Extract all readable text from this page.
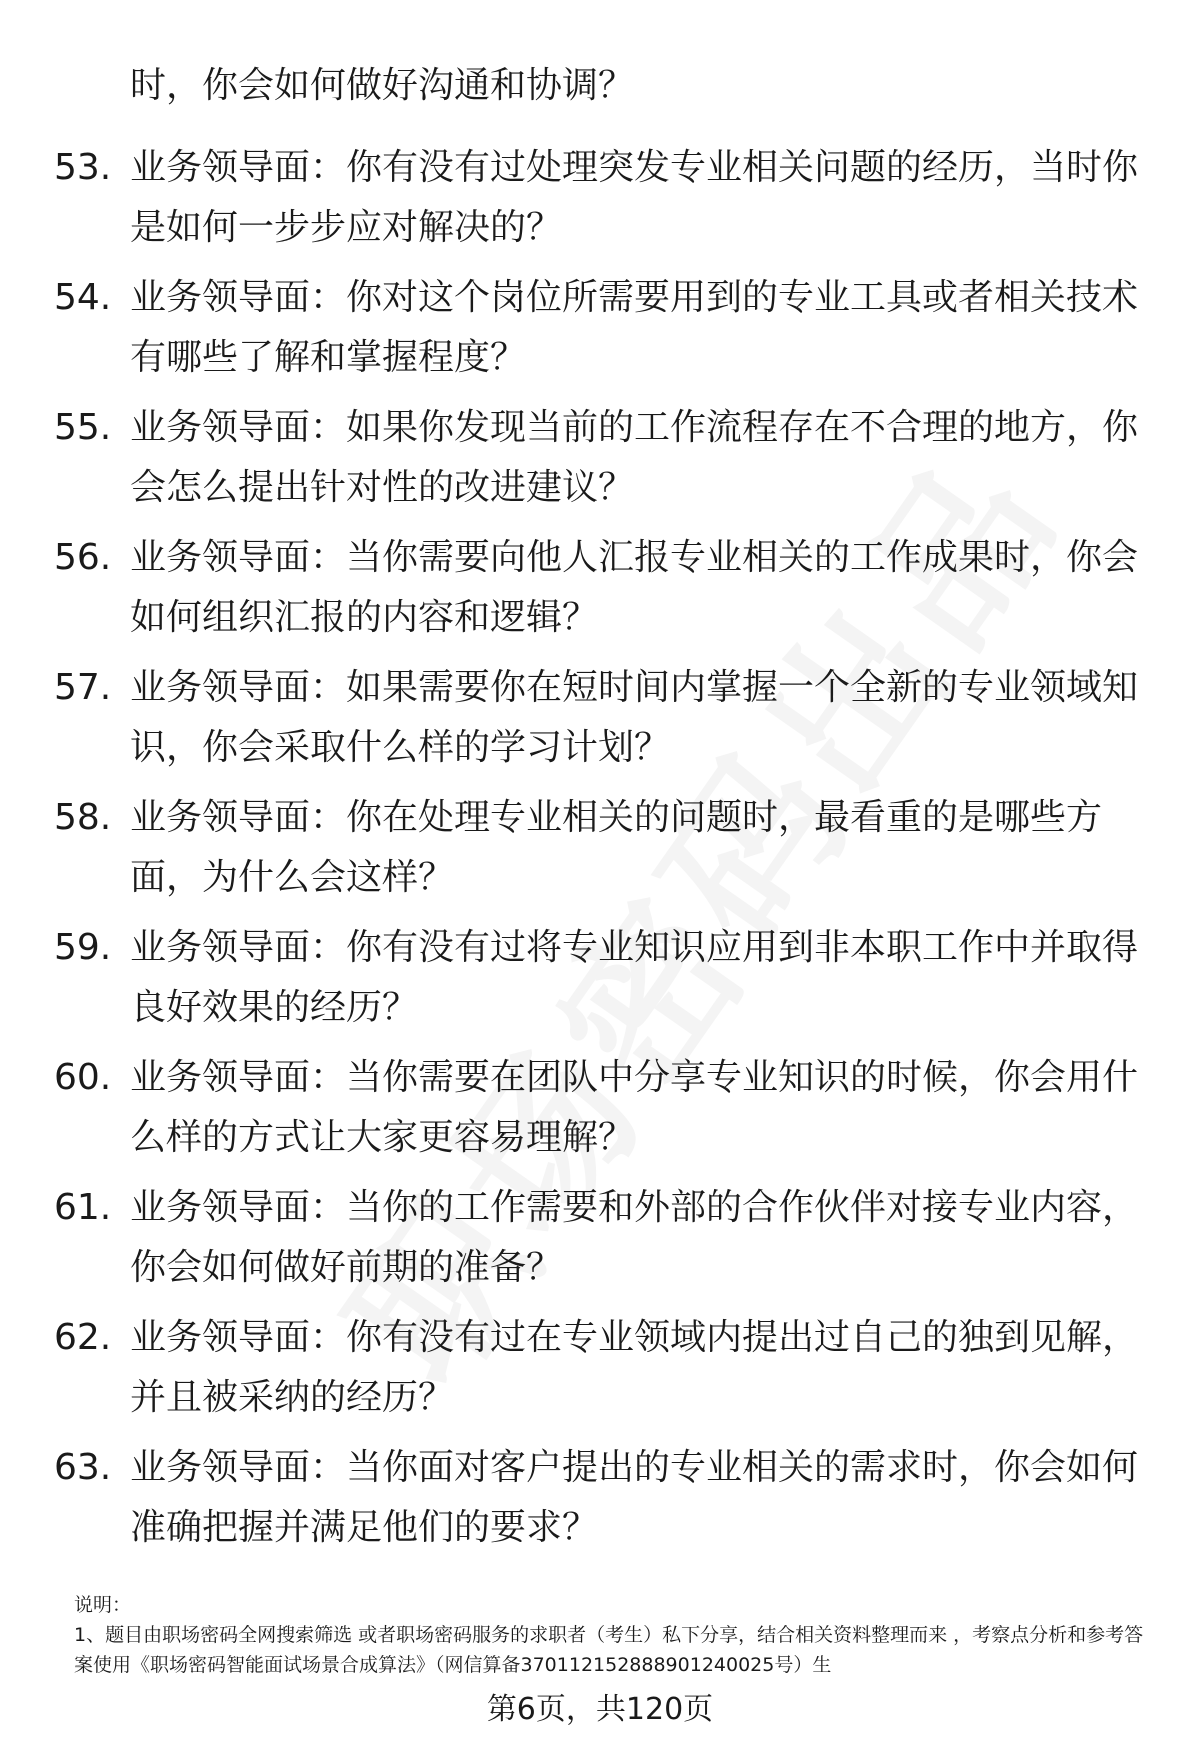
时，你会如何做好沟通和协调？
53. 业务领导面：你有没有过处理突发专业相关问题的经历，当时你是如何一步步应对解决的？
54. 业务领导面：你对这个岗位所需要用到的专业工具或者相关技术有哪些了解和掌握程度？
55. 业务领导面：如果你发现当前的工作流程存在不合理的地方，你会怎么提出针对性的改进建议？
56. 业务领导面：当你需要向他人汇报专业相关的工作成果时，你会如何组织汇报的内容和逻辑？
57. 业务领导面：如果需要你在短时间内掌握一个全新的专业领域知识，你会采取什么样的学习计划？
58. 业务领导面：你在处理专业相关的问题时，最看重的是哪些方面，为什么会这样？
59. 业务领导面：你有没有过将专业知识应用到非本职工作中并取得良好效果的经历？
60. 业务领导面：当你需要在团队中分享专业知识的时候，你会用什么样的方式让大家更容易理解？
61. 业务领导面：当你的工作需要和外部的合作伙伴对接专业内容，你会如何做好前期的准备？
62. 业务领导面：你有没有过在专业领域内提出过自己的独到见解，并且被采纳的经历？
63. 业务领导面：当你面对客户提出的专业相关的需求时，你会如何准确把握并满足他们的要求？

说明：

1、题目由职场密码全网搜索筛选 或者职场密码服务的求职者（考生）私下分享，结合相关资料整理而来 ，考察点分析和参考答案使用《职场密码智能面试场景合成算法》（网信算备370112152888901240025号）生

第6页，共120页
